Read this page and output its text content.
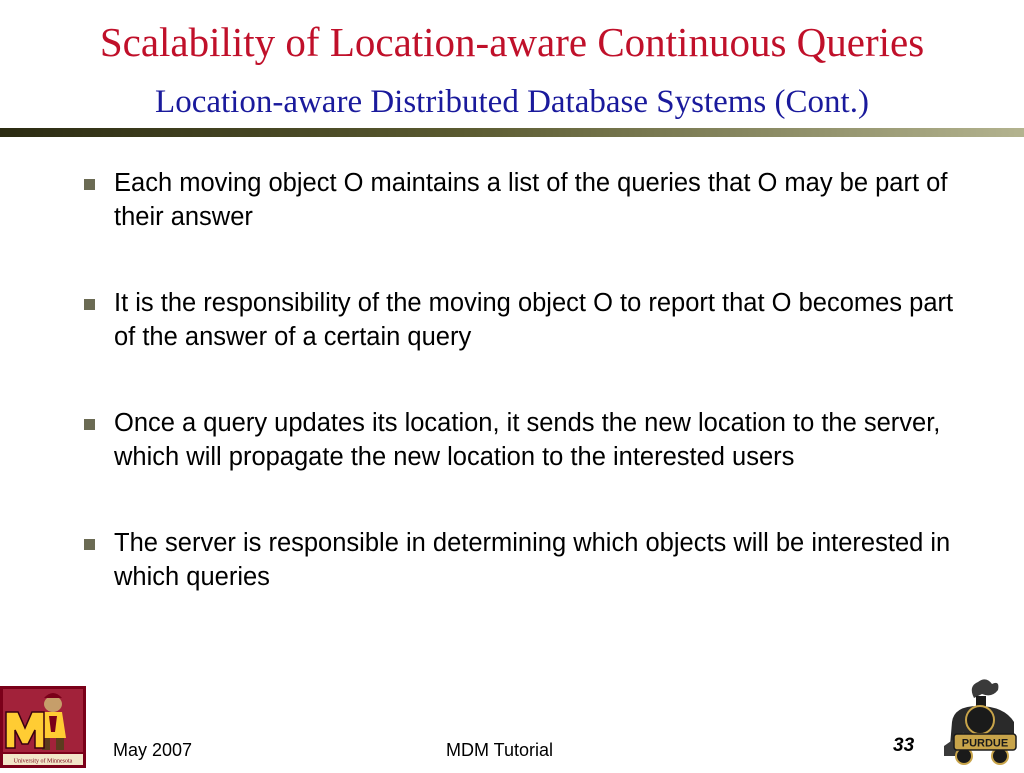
Scalability of Location-aware Continuous Queries
Location-aware Distributed Database Systems (Cont.)
Each moving object O maintains a list of the queries that O may be part of their answer
It is the responsibility of the moving object O to report that O becomes part of the answer of a certain query
Once a query updates its location, it sends the new location to the server, which will propagate the new location to the interested users
The server is responsible in determining which objects will be interested in which queries
University of Minnesota
May 2007	MDM Tutorial	33	PURDUE
